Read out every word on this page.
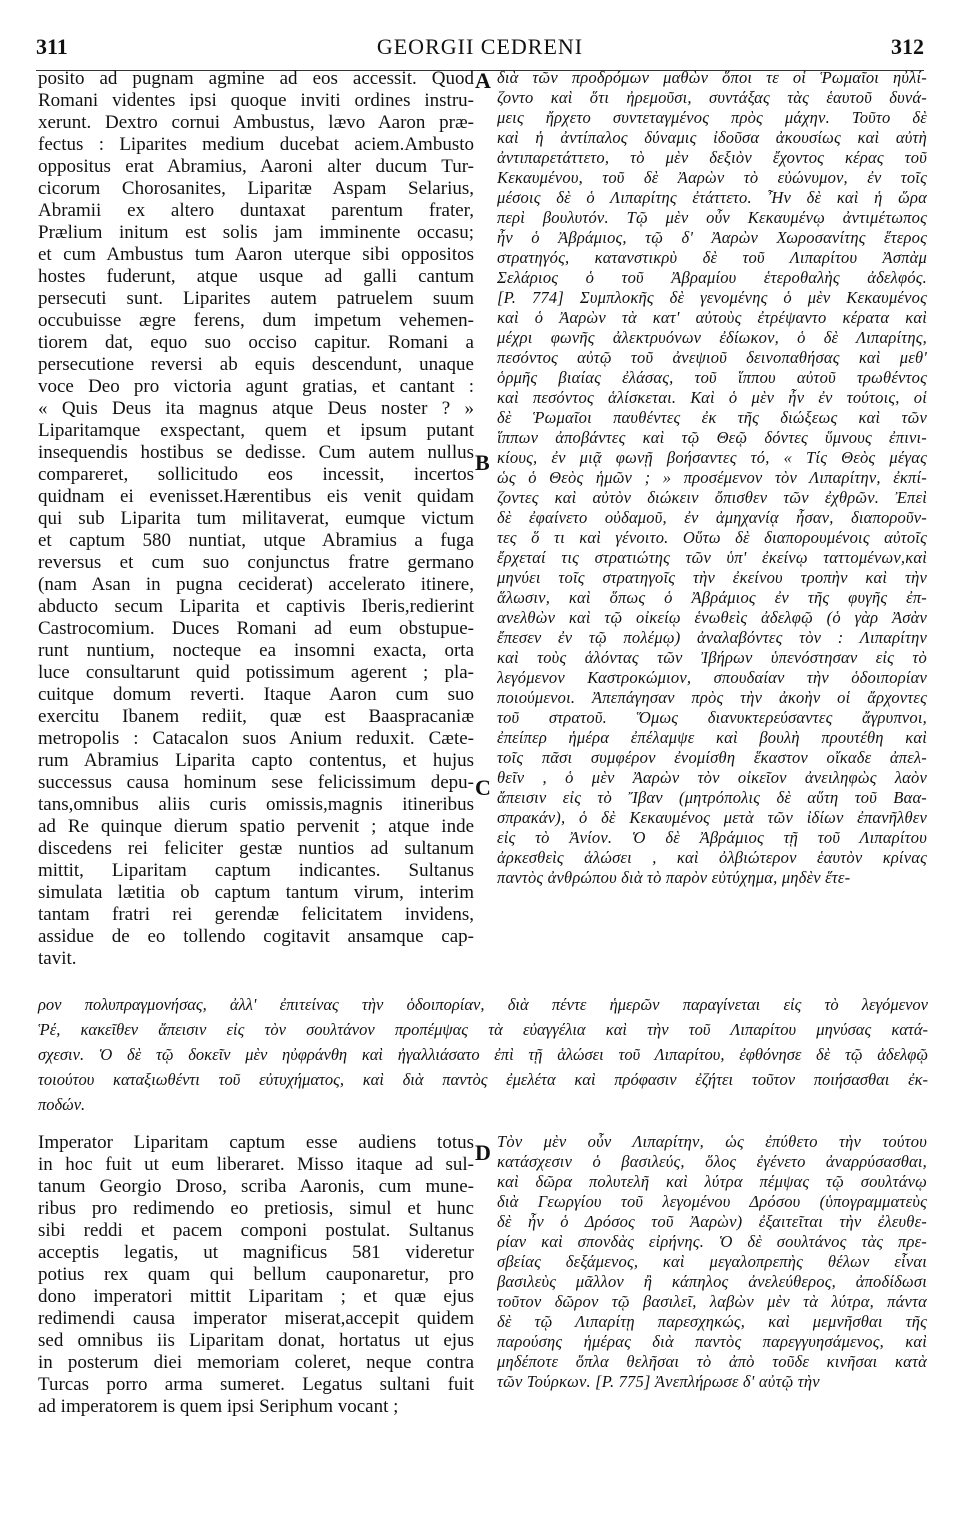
311	GEORGII CEDRENI	312
A
B
C
D
posito ad pugnam agmine ad eos accessit. Quod
Romani videntes ipsi quoque inviti ordines instru-
xerunt. Dextro cornui Ambustus, lævo Aaron præ-
fectus : Liparites medium ducebat aciem.Ambusto
oppositus erat Abramius, Aaroni alter ducum Tur-
cicorum Chorosanites, Liparitæ Aspam Selarius,
Abramii ex altero duntaxat parentum frater,
Prælium initum est solis jam imminente occasu;
et cum Ambustus tum Aaron uterque sibi oppositos
hostes fuderunt, atque usque ad galli cantum
persecuti sunt. Liparites autem patruelem suum
occubuisse ægre ferens, dum impetum vehemen-
tiorem dat, equo suo occiso capitur. Romani a
persecutione reversi ab equis descendunt, unaque
voce Deo pro victoria agunt gratias, et cantant :
« Quis Deus ita magnus atque Deus noster ? »
Liparitamque exspectant, quem et ipsum putant
insequendis hostibus se dedisse. Cum autem nullus
compareret, sollicitudo eos incessit, incertos
quidnam ei evenisset.Hærentibus eis venit quidam
qui sub Liparita tum militaverat, eumque victum
et captum 580 nuntiat, utque Abramius a fuga
reversus et cum suo conjunctus fratre germano
(nam Asan in pugna ceciderat) accelerato itinere,
abducto secum Liparita et captivis Iberis,redierint
Castrocomium. Duces Romani ad eum obstupue-
runt nuntium, nocteque ea insomni exacta, orta
luce consultarunt quid potissimum agerent ; pla-
cuitque domum reverti. Itaque Aaron cum suo
exercitu Ibanem rediit, quæ est Baaspracaniæ
metropolis : Catacalon suos Anium reduxit. Cæte-
rum Abramius Liparita capto contentus, et hujus
successus causa hominum sese felicissimum depu-
tans,omnibus aliis curis omissis,magnis itineribus
ad Re quinque dierum spatio pervenit ; atque inde
discedens rei feliciter gestæ nuntios ad sultanum
mittit, Liparitam captum indicantes. Sultanus
simulata lætitia ob captum tantum virum, interim
tantam fratri rei gerendæ felicitatem invidens,
assidue de eo tollendo cogitavit ansamque cap-
tavit.
διὰ τῶν προδρόμων μαθὼν ὅποι τε οἱ Ῥωμαῖοι ηὐλί-
ζοντο καὶ ὅτι ἠρεμοῦσι, συντάξας τὰς ἑαυτοῦ δυνά-
μεις ἤρχετο συντεταγμένος πρὸς μάχην. Τοῦτο δὲ
καὶ ἡ ἀντίπαλος δύναμις ἰδοῦσα ἀκουσίως καὶ αὐτὴ
ἀντιπαρετάττετο, τὸ μὲν δεξιὸν ἔχοντος κέρας τοῦ
Κεκαυμένου, τοῦ δὲ Ἀαρὼν τὸ εὐώνυμον, ἐν τοῖς
μέσοις δὲ ὁ Λιπαρίτης ἐτάττετο. Ἦν δὲ καὶ ἡ ὥρα
περὶ βουλυτόν. Τῷ μὲν οὖν Κεκαυμένῳ ἀντιμέτωπος
ἦν ὁ Ἀβράμιος, τῷ δ' Ἀαρὼν Χωροσανίτης ἕτερος
στρατηγός, κατανστικρὺ δὲ τοῦ Λιπαρίτου Ἀσπὰμ
Σελάριος ὁ τοῦ Ἀβραμίου ἑτεροθαλὴς ἀδελφός.
[P. 774] Συμπλοκῆς δὲ γενομένης ὁ μὲν Κεκαυμένος
καὶ ὁ Ἀαρὼν τὰ κατ' αὐτοὺς ἐτρέψαντο κέρατα καὶ
μέχρι φωνῆς ἀλεκτρυόνων ἐδίωκον, ὁ δὲ Λιπαρίτης,
πεσόντος αὐτῷ τοῦ ἀνεψιοῦ δεινοπαθήσας καὶ μεθ'
ὁρμῆς βιαίας ἐλάσας, τοῦ ἵππου αὐτοῦ τρωθέντος
καὶ πεσόντος ἁλίσκεται. Καὶ ὁ μὲν ἦν ἐν τούτοις, οἱ
δὲ Ῥωμαῖοι παυθέντες ἐκ τῆς διώξεως καὶ τῶν
ἵππων ἀποβάντες καὶ τῷ Θεῷ δόντες ὕμνους ἐπινι-
κίους, ἐν μιᾷ φωνῇ βοήσαντες τό, « Τίς Θεὸς μέγας
ὡς ὁ Θεὸς ἡμῶν ; » προσέμενον τὸν Λιπαρίτην, ἐκπί-
ζοντες καὶ αὐτὸν διώκειν ὄπισθεν τῶν ἐχθρῶν. Ἐπεὶ
δὲ ἐφαίνετο οὐδαμοῦ, ἐν ἀμηχανίᾳ ἦσαν, διαπορoῦν-
τες ὅ τι καὶ γένοιτο. Οὕτω δὲ διαπορουμένοις αὐτοῖς
ἔρχεταί τις στρατιώτης τῶν ὑπ' ἐκείνῳ ταττομένων,καὶ
μηνύει τοῖς στρατηγοῖς τὴν ἐκείνου τροπὴν καὶ τὴν
ἅλωσιν, καὶ ὅπως ὁ Ἀβράμιος ἐν τῆς φυγῆς ἐπ-
ανελθὼν καὶ τῷ οἰκείῳ ἑνωθεὶς ἀδελφῷ (ὁ γὰρ Ἀσὰν
ἔπεσεν ἐν τῷ πολέμῳ) ἀναλαβόντες τὸν : Λιπαρίτην
καὶ τοὺς ἁλόντας τῶν Ἰβήρων ὑπενόστησαν εἰς τὸ
λεγόμενον Καστροκώμιον, σπουδαίαν τὴν ὁδοιπορίαν
ποιούμενοι. Ἀπεπάγησαν πρὸς τὴν ἀκοὴν οἱ ἄρχοντες
τοῦ στρατοῦ. Ὅμως διανυκτερεύσαντες ἄγρυπνοι,
ἐπείπερ ἡμέρα ἐπέλαμψε καὶ βουλὴ προυτέθη καὶ
τοῖς πᾶσι συμφέρον ἐνομίσθη ἕκαστον οἴκαδε ἀπελ-
θεῖν , ὁ μὲν Ἀαρὼν τὸν οἰκεῖον ἀνειληφὼς λαὸν
ἄπεισιν εἰς τὸ Ἴβαν (μητρόπολις δὲ αὕτη τοῦ Βαα-
σπρακάν), ὁ δὲ Κεκαυμένος μετὰ τῶν ἰδίων ἐπανῆλθεν
εἰς τὸ Ἀνίον. Ὁ δὲ Ἀβράμιος τῇ τοῦ Λιπαρίτου
ἀρκεσθεὶς ἁλώσει , καὶ ὀλβιώτερον ἑαυτὸν κρίνας
παντὸς ἀνθρώπου διὰ τὸ παρὸν εὐτύχημα, μηδὲν ἕτε-
ρον πολυπραγμονήσας, ἀλλ' ἐπιτείνας τὴν ὁδοιπορίαν, διὰ πέντε ἡμερῶν παραγίνεται εἰς τὸ λεγόμενον
Ῥέ, κακεῖθεν ἄπεισιν εἰς τὸν σουλτάνον προπέμψας τὰ εὐαγγέλια καὶ τὴν τοῦ Λιπαρίτου μηνύσας κατά-
σχεσιν. Ὁ δὲ τῷ δοκεῖν μὲν ηὐφράνθη καὶ ἠγαλλιάσατο ἐπὶ τῇ ἁλώσει τοῦ Λιπαρίτου, ἐφθόνησε δὲ τῷ ἀδελφῷ
τοιούτου καταξιωθέντι τοῦ εὐτυχήματος, καὶ διὰ παντὸς ἐμελέτα καὶ πρόφασιν ἐζήτει τοῦτον ποιήσασθαι ἐκ-
ποδών.
Imperator Liparitam captum esse audiens totus
in hoc fuit ut eum liberaret. Misso itaque ad sul-
tanum Georgio Droso, scriba Aaronis, cum mune-
ribus pro redimendo eo pretiosis, simul et hunc
sibi reddi et pacem componi postulat. Sultanus
acceptis legatis, ut magnificus 581 videretur
potius rex quam qui bellum cauponaretur, pro
dono imperatori mittit Liparitam ; et quæ ejus
redimendi causa imperator miserat,accepit quidem
sed omnibus iis Liparitam donat, hortatus ut ejus
in posterum diei memoriam coleret, neque contra
Turcas porro arma sumeret. Legatus sultani fuit
ad imperatorem is quem ipsi Seriphum vocant ;
Τὸν μὲν οὖν Λιπαρίτην, ὡς ἐπύθετο τὴν τούτου
κατάσχεσιν ὁ βασιλεύς, ὅλος ἐγένετο ἀναρρύσασθαι,
καὶ δῶρα πολυτελῆ καὶ λύτρα πέμψας τῷ σουλτάνῳ
διὰ Γεωργίου τοῦ λεγομένου Δρόσου (ὑπογραμματεὺς
δὲ ἦν ὁ Δρόσος τοῦ Ἀαρὼν) ἐξαιτεῖται τὴν ἐλευθε-
ρίαν καὶ σπονδὰς εἰρήνης. Ὁ δὲ σουλτάνος τὰς πρε-
σβείας δεξάμενος, καὶ μεγαλοπρεπὴς θέλων εἶναι
βασιλεὺς μᾶλλον ἢ κάπηλος ἀνελεύθερος, ἀποδίδωσι
τοῦτον δῶρον τῷ βασιλεῖ, λαβὼν μὲν τὰ λύτρα, πάντα
δὲ τῷ Λιπαρίτῃ παρεσχηκώς, καὶ μεμνῆσθαι τῆς
παρούσης ἡμέρας διὰ παντὸς παρεγγυησάμενος, καὶ
μηδέποτε ὅπλα θελῆσαι τὸ ἀπὸ τοῦδε κινῆσαι κατὰ
τῶν Τούρκων. [P. 775] Ἀνεπλήρωσε δ' αὐτῷ τὴν
